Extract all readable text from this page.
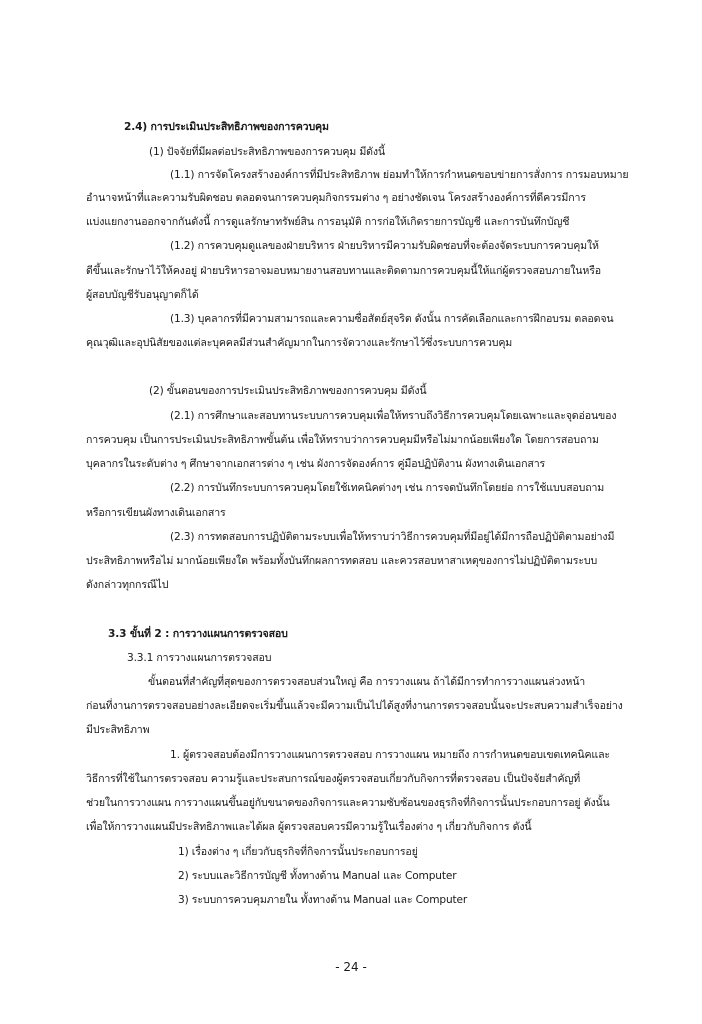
2.4) การประเมินประสิทธิภาพของการควบคุม
(1) ปัจจัยที่มีผลต่อประสิทธิภาพของการควบคุม มีดังนี้
(1.1) การจัดโครงสร้างองค์การที่มีประสิทธิภาพ ย่อมทำให้การกำหนดขอบข่ายการสั่งการ การมอบหมาย
อำนาจหน้าที่และความรับผิดชอบ ตลอดจนการควบคุมกิจกรรมต่าง ๆ อย่างชัดเจน โครงสร้างองค์การที่ดีควรมีการ
แบ่งแยกงานออกจากกันดังนี้ การดูแลรักษาทรัพย์สิน การอนุมัติ การก่อให้เกิดรายการบัญชี และการบันทึกบัญชี
(1.2) การควบคุมดูแลของฝ่ายบริหาร ฝ่ายบริหารมีความรับผิดชอบที่จะต้องจัดระบบการควบคุมให้
ดีขึ้นและรักษาไว้ให้คงอยู่ ฝ่ายบริหารอาจมอบหมายงานสอบทานและติดตามการควบคุมนี้ให้แก่ผู้ตรวจสอบภายในหรือ
ผู้สอบบัญชีรับอนุญาตก็ได้
(1.3) บุคลากรที่มีความสามารถและความซื่อสัตย์สุจริต ดังนั้น การคัดเลือกและการฝึกอบรม ตลอดจน
คุณวุฒิและอุปนิสัยของแต่ละบุคคลมีส่วนสำคัญมากในการจัดวางและรักษาไว้ซึ่งระบบการควบคุม
(2) ขั้นตอนของการประเมินประสิทธิภาพของการควบคุม มีดังนี้
(2.1) การศึกษาและสอบทานระบบการควบคุมเพื่อให้ทราบถึงวิธีการควบคุมโดยเฉพาะและจุดอ่อนของ
การควบคุม เป็นการประเมินประสิทธิภาพขั้นต้น เพื่อให้ทราบว่าการควบคุมมีหรือไม่มากน้อยเพียงใด โดยการสอบถาม
บุคลากรในระดับต่าง ๆ ศึกษาจากเอกสารต่าง ๆ เช่น ผังการจัดองค์การ คู่มือปฏิบัติงาน ผังทางเดินเอกสาร
(2.2) การบันทึกระบบการควบคุมโดยใช้เทคนิคต่างๆ เช่น การจดบันทึกโดยย่อ การใช้แบบสอบถาม
หรือการเขียนผังทางเดินเอกสาร
(2.3) การทดสอบการปฏิบัติตามระบบเพื่อให้ทราบว่าวิธีการควบคุมที่มีอยู่ได้มีการถือปฏิบัติตามอย่างมี
ประสิทธิภาพหรือไม่ มากน้อยเพียงใด พร้อมทั้งบันทึกผลการทดสอบ และควรสอบหาสาเหตุของการไม่ปฏิบัติตามระบบ
ดังกล่าวทุกกรณีไป
3.3 ขั้นที่ 2 : การวางแผนการตรวจสอบ
3.3.1 การวางแผนการตรวจสอบ
ขั้นตอนที่สำคัญที่สุดของการตรวจสอบส่วนใหญ่ คือ การวางแผน ถ้าได้มีการทำการวางแผนล่วงหน้า
ก่อนที่งานการตรวจสอบอย่างละเอียดจะเริ่มขึ้นแล้วจะมีความเป็นไปได้สูงที่งานการตรวจสอบนั้นจะประสบความสำเร็จอย่าง
มีประสิทธิภาพ
1. ผู้ตรวจสอบต้องมีการวางแผนการตรวจสอบ การวางแผน หมายถึง การกำหนดขอบเขตเทคนิคและ
วิธีการที่ใช้ในการตรวจสอบ ความรู้และประสบการณ์ของผู้ตรวจสอบเกี่ยวกับกิจการที่ตรวจสอบ เป็นปัจจัยสำคัญที่
ช่วยในการวางแผน การวางแผนขึ้นอยู่กับขนาดของกิจการและความซับซ้อนของธุรกิจที่กิจการนั้นประกอบการอยู่ ดังนั้น
เพื่อให้การวางแผนมีประสิทธิภาพและได้ผล ผู้ตรวจสอบควรมีความรู้ในเรื่องต่าง ๆ เกี่ยวกับกิจการ ดังนี้
1) เรื่องต่าง ๆ เกี่ยวกับธุรกิจที่กิจการนั้นประกอบการอยู่
2) ระบบและวิธีการบัญชี ทั้งทางด้าน Manual และ Computer
3) ระบบการควบคุมภายใน ทั้งทางด้าน Manual และ Computer
- 24 -
